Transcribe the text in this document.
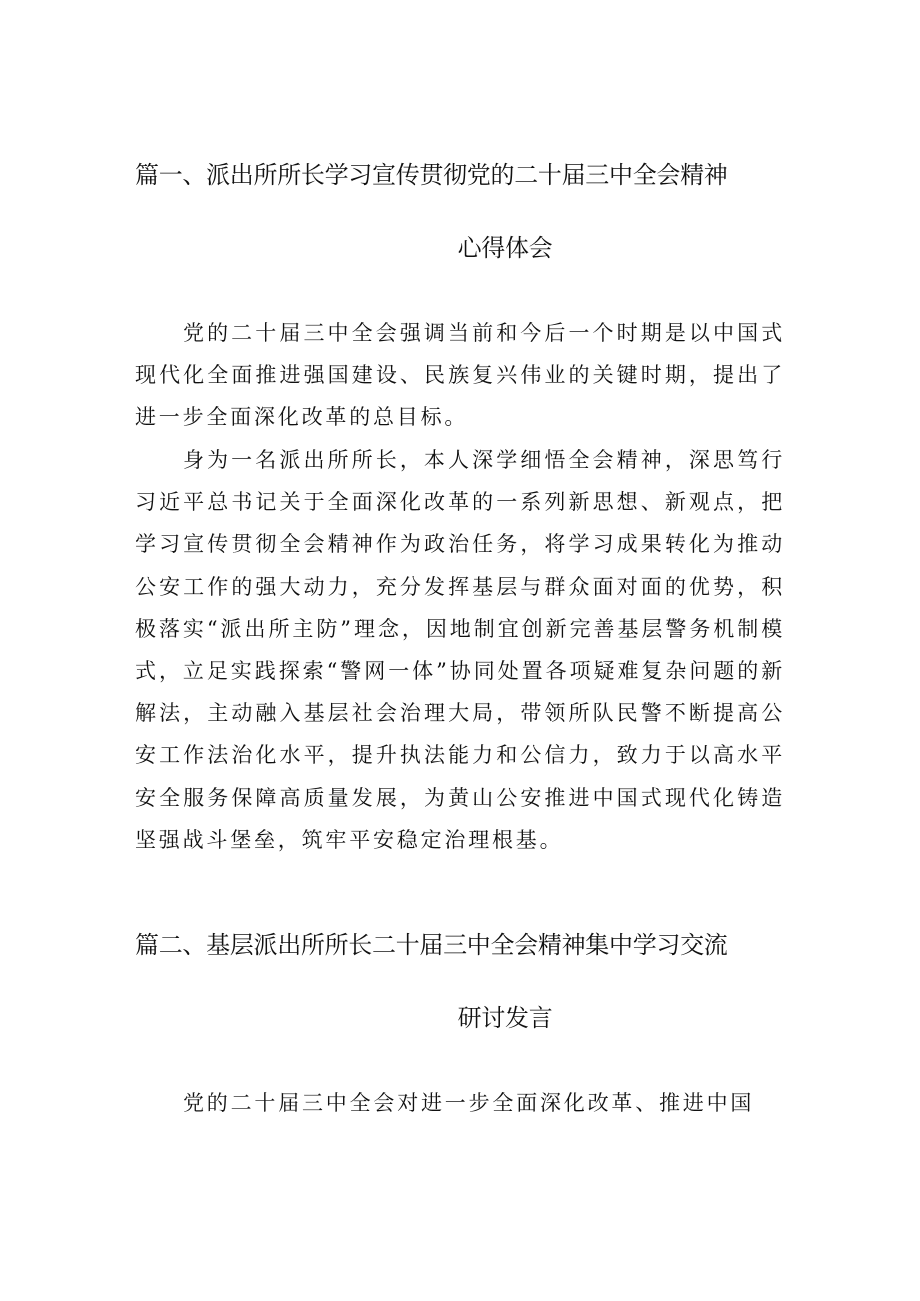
篇一、派出所所长学习宣传贯彻党的二十届三中全会精神
心得体会

党的二十届三中全会强调当前和今后一个时期是以中国式现代化全面推进强国建设、民族复兴伟业的关键时期，提出了进一步全面深化改革的总目标。

身为一名派出所所长，本人深学细悟全会精神，深思笃行习近平总书记关于全面深化改革的一系列新思想、新观点，把学习宣传贯彻全会精神作为政治任务，将学习成果转化为推动公安工作的强大动力，充分发挥基层与群众面对面的优势，积极落实“派出所主防”理念，因地制宜创新完善基层警务机制模式，立足实践探索“警网一体”协同处置各项疑难复杂问题的新解法，主动融入基层社会治理大局，带领所队民警不断提高公安工作法治化水平，提升执法能力和公信力，致力于以高水平安全服务保障高质量发展，为黄山公安推进中国式现代化铸造坚强战斗堡垒，筑牢平安稳定治理根基。

篇二、基层派出所所长二十届三中全会精神集中学习交流
研讨发言

党的二十届三中全会对进一步全面深化改革、推进中国
